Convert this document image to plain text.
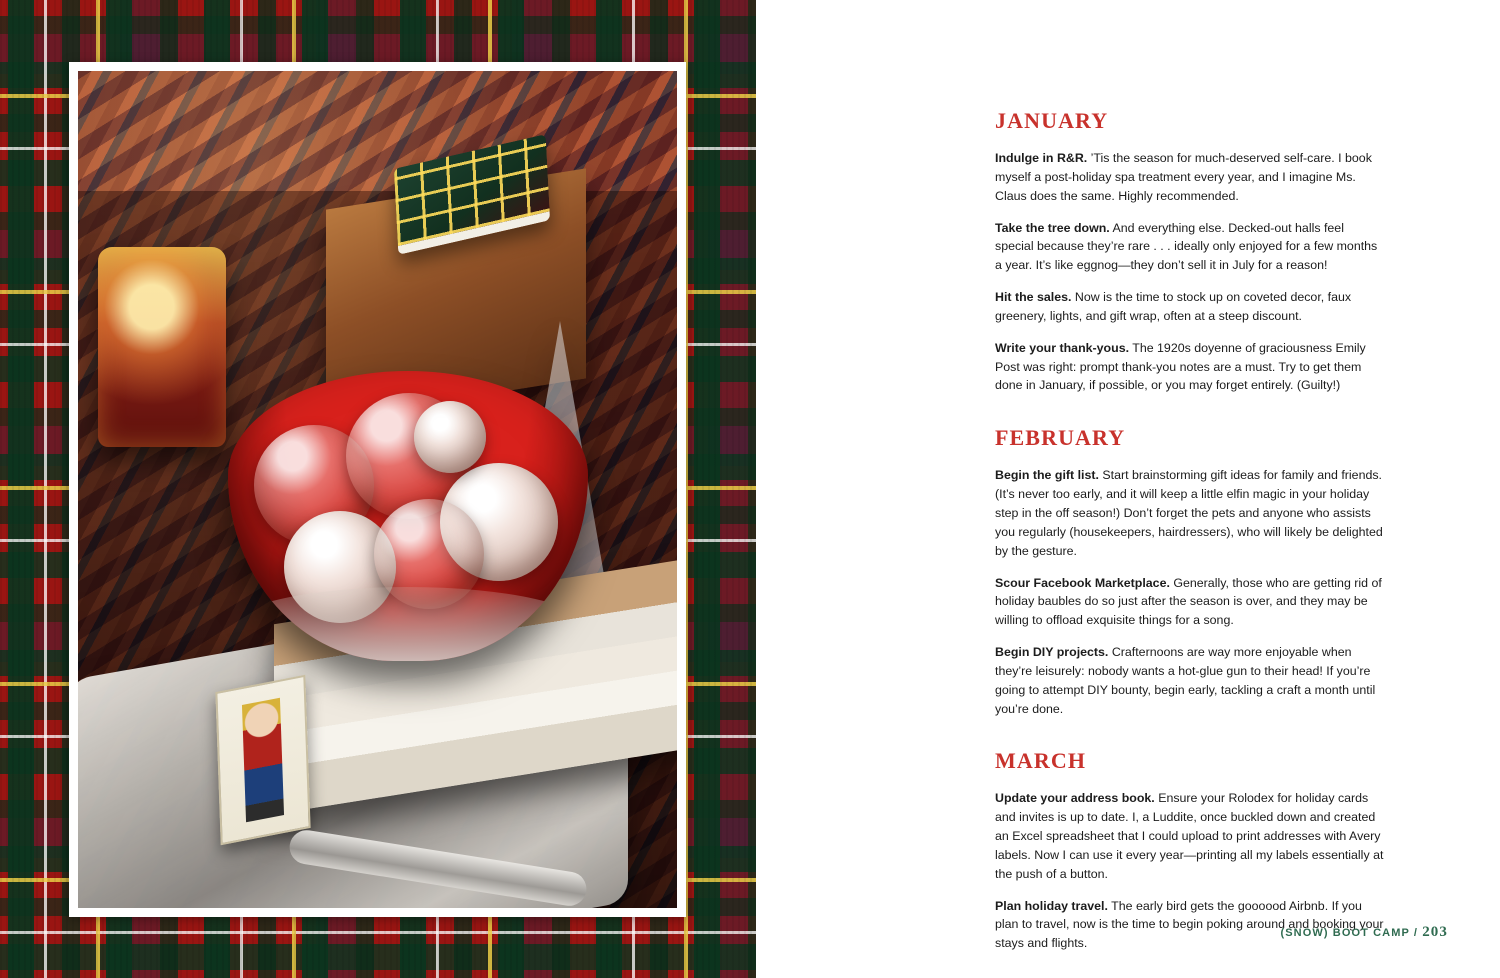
JANUARY

Indulge in R&R. ’Tis the season for much-deserved self-care. I book myself a post-holiday spa treatment every year, and I imagine Ms. Claus does the same. Highly recommended.

Take the tree down. And everything else. Decked-out halls feel special because they’re rare . . . ideally only enjoyed for a few months a year. It’s like eggnog—they don’t sell it in July for a reason!

Hit the sales. Now is the time to stock up on coveted decor, faux greenery, lights, and gift wrap, often at a steep discount.

Write your thank-yous. The 1920s doyenne of graciousness Emily Post was right: prompt thank-you notes are a must. Try to get them done in January, if possible, or you may forget entirely. (Guilty!)

FEBRUARY

Begin the gift list. Start brainstorming gift ideas for family and friends. (It’s never too early, and it will keep a little elfin magic in your holiday step in the off season!) Don’t forget the pets and anyone who assists you regularly (housekeepers, hairdressers), who will likely be delighted by the gesture.

Scour Facebook Marketplace. Generally, those who are getting rid of holiday baubles do so just after the season is over, and they may be willing to offload exquisite things for a song.

Begin DIY projects. Crafternoons are way more enjoyable when they’re leisurely: nobody wants a hot-glue gun to their head! If you’re going to attempt DIY bounty, begin early, tackling a craft a month until you’re done.

MARCH

Update your address book. Ensure your Rolodex for holiday cards and invites is up to date. I, a Luddite, once buckled down and created an Excel spreadsheet that I could upload to print addresses with Avery labels. Now I can use it every year—printing all my labels essentially at the push of a button.

Plan holiday travel. The early bird gets the goooood Airbnb. If you plan to travel, now is the time to begin poking around and booking your stays and flights.

(SNOW) BOOT CAMP / 203
